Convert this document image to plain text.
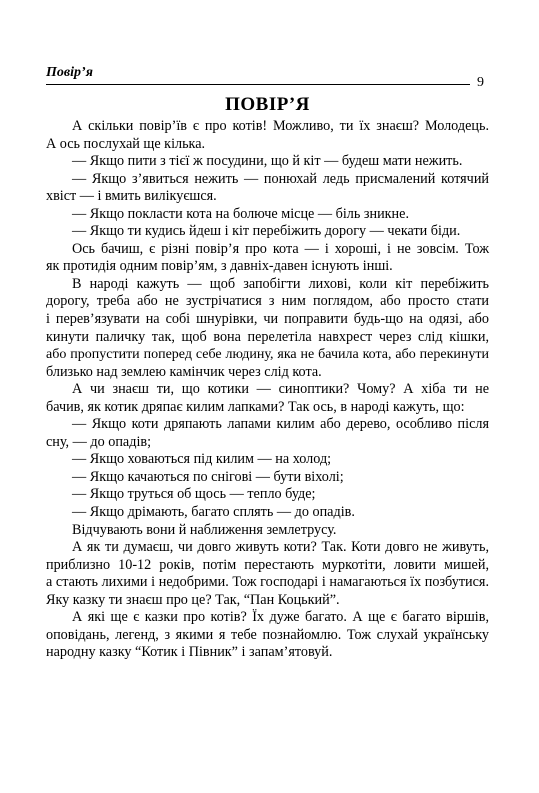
Повір’я
9
ПОВІР’Я

А скільки повір’їв є про котів! Можливо, ти їх знаєш? Молодець.
А ось послухай ще кілька.

— Якщо пити з тієї ж посудини, що й кіт — будеш мати нежить.

— Якщо з’явиться нежить — понюхай ледь присмалений котячий
хвіст — і вмить вилікуєшся.

— Якщо покласти кота на болюче місце — біль зникне.

— Якщо ти кудись йдеш і кіт перебіжить дорогу — чекати біди.

Ось бачиш, є різні повір’я про кота — і хороші, і не зовсім. Тож
як протидія одним повір’ям, з давніх-давен існують інші.

В народі кажуть — щоб запобігти лихові, коли кіт перебіжить
дорогу, треба або не зустрічатися з ним поглядом, або просто стати
і перев’язувати на собі шнурівки, чи поправити будь-що на одязі, або
кинути паличку так, щоб вона перелетіла навхрест через слід кішки,
або пропустити поперед себе людину, яка не бачила кота, або перекинути
близько над землею камінчик через слід кота.

А чи знаєш ти, що котики — синоптики? Чому? А хіба ти не
бачив, як котик дряпає килим лапками? Так ось, в народі кажуть, що:

— Якщо коти дряпають лапами килим або дерево, особливо після
сну, — до опадів;

— Якщо ховаються під килим — на холод;

— Якщо качаються по снігові — бути віхолі;

— Якщо труться об щось — тепло буде;

— Якщо дрімають, багато сплять — до опадів.

Відчувають вони й наближення землетрусу.

А як ти думаєш, чи довго живуть коти? Так. Коти довго не живуть,
приблизно 10-12 років, потім перестають муркотіти, ловити мишей,
а стають лихими і недобрими. Тож господарі і намагаються їх позбутися.
Яку казку ти знаєш про це? Так, “Пан Коцький”.

А які ще є казки про котів? Їх дуже багато. А ще є багато віршів,
оповідань, легенд, з якими я тебе познайомлю. Тож слухай українську
народну казку “Котик і Півник” і запам’ятовуй.
